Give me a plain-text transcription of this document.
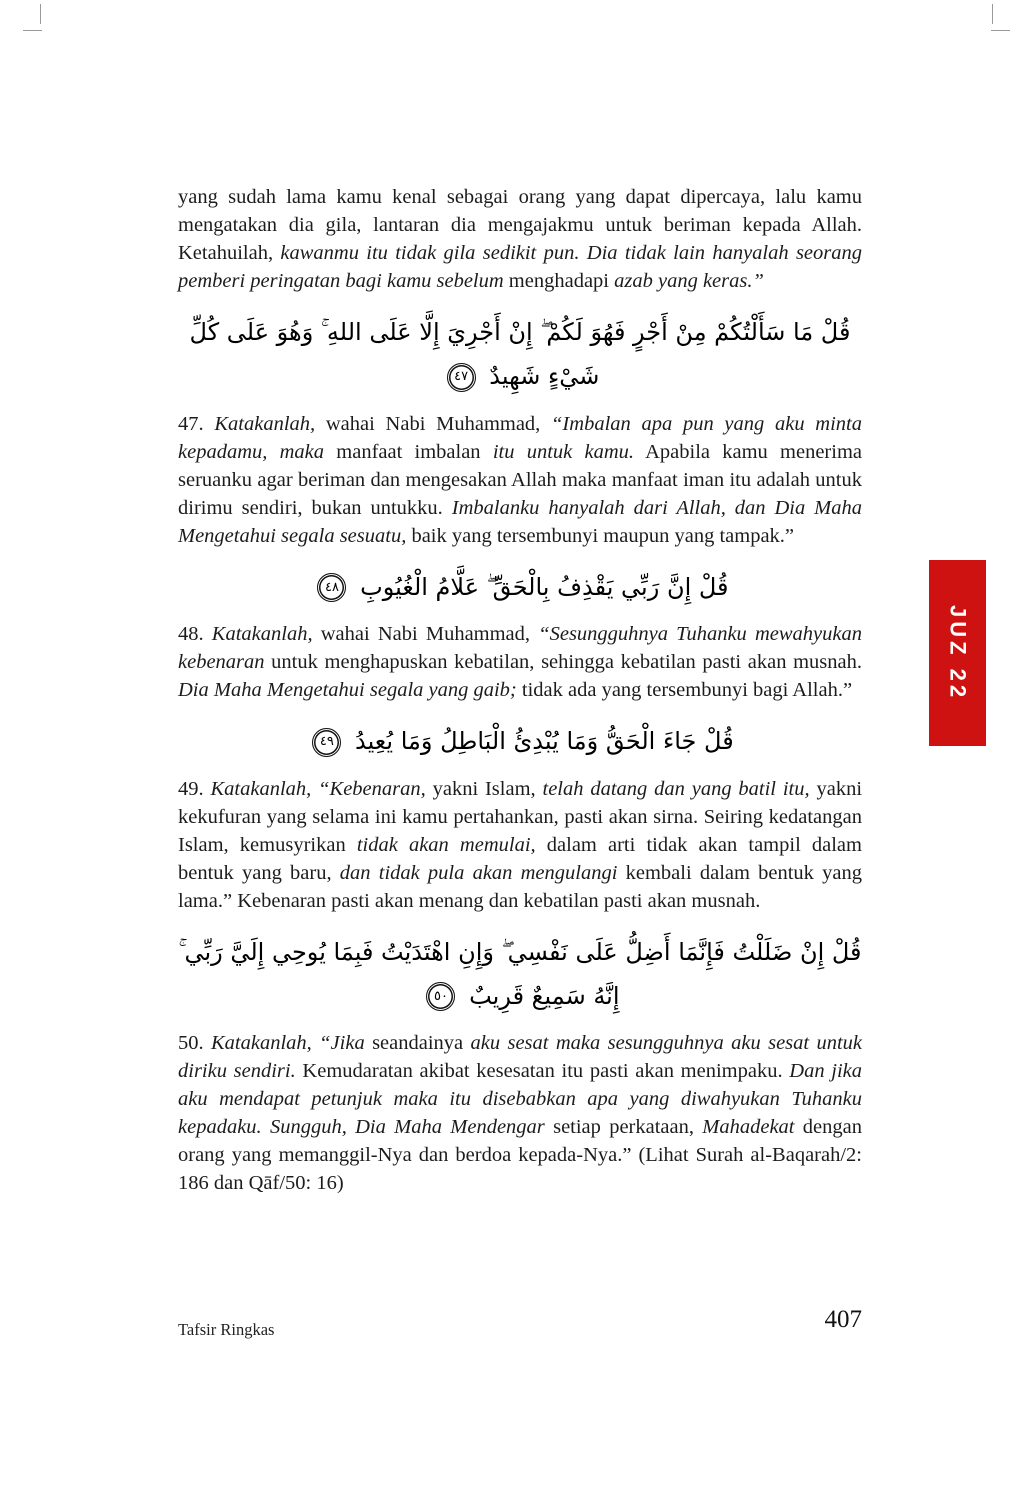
yang sudah lama kamu kenal sebagai orang yang dapat dipercaya, lalu kamu mengatakan dia gila, lantaran dia mengajakmu untuk beriman kepada Allah. Ketahuilah, kawanmu itu tidak gila sedikit pun. Dia tidak lain hanyalah seorang pemberi peringatan bagi kamu sebelum menghadapi azab yang keras.”

قُلْ مَا سَأَلْتُكُمْ مِنْ أَجْرٍ فَهُوَ لَكُمْ ۖ إِنْ أَجْرِيَ إِلَّا عَلَى اللهِ ۚ وَهُوَ عَلَى كُلِّ شَيْءٍ شَهِيدٌ ٤٧

47. Katakanlah, wahai Nabi Muhammad, “Imbalan apa pun yang aku minta kepadamu, maka manfaat imbalan itu untuk kamu. Apabila kamu menerima seruanku agar beriman dan mengesakan Allah maka manfaat iman itu adalah untuk dirimu sendiri, bukan untukku. Imbalanku hanyalah dari Allah, dan Dia Maha Mengetahui segala sesuatu, baik yang tersembunyi maupun yang tampak.”

قُلْ إِنَّ رَبِّي يَقْذِفُ بِالْحَقِّ ۖ عَلَّامُ الْغُيُوبِ ٤٨

48. Katakanlah, wahai Nabi Muhammad, “Sesungguhnya Tuhanku mewahyukan kebenaran untuk menghapuskan kebatilan, sehingga kebatilan pasti akan musnah. Dia Maha Mengetahui segala yang gaib; tidak ada yang tersembunyi bagi Allah.”

قُلْ جَاءَ الْحَقُّ وَمَا يُبْدِئُ الْبَاطِلُ وَمَا يُعِيدُ ٤٩

49. Katakanlah, “Kebenaran, yakni Islam, telah datang dan yang batil itu, yakni kekufuran yang selama ini kamu pertahankan, pasti akan sirna. Seiring kedatangan Islam, kemusyrikan tidak akan memulai, dalam arti tidak akan tampil dalam bentuk yang baru, dan tidak pula akan mengulangi kembali dalam bentuk yang lama.” Kebenaran pasti akan menang dan kebatilan pasti akan musnah.

قُلْ إِنْ ضَلَلْتُ فَإِنَّمَا أَضِلُّ عَلَى نَفْسِي ۖ وَإِنِ اهْتَدَيْتُ فَبِمَا يُوحِي إِلَيَّ رَبِّي ۚ إِنَّهُ سَمِيعٌ قَرِيبٌ ٥٠

50. Katakanlah, “Jika seandainya aku sesat maka sesungguhnya aku sesat untuk diriku sendiri. Kemudaratan akibat kesesatan itu pasti akan menimpaku. Dan jika aku mendapat petunjuk maka itu disebabkan apa yang diwahyukan Tuhanku kepadaku. Sungguh, Dia Maha Mendengar setiap perkataan, Mahadekat dengan orang yang memanggil-Nya dan berdoa kepada-Nya.” (Lihat Surah al-Baqarah/2: 186 dan Qāf/50: 16)

JUZ 22
Tafsir Ringkas	407
